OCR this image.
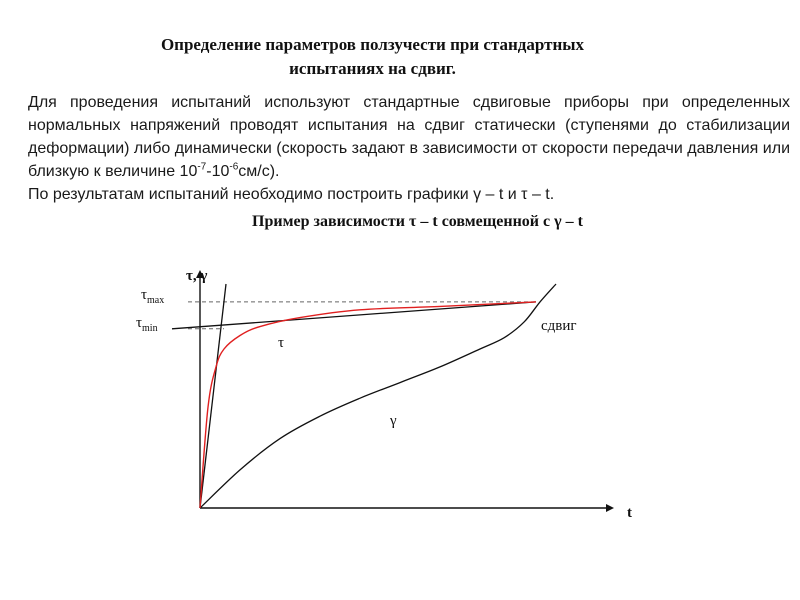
Определение параметров ползучести при стандартных
испытаниях на сдвиг.
Для проведения испытаний используют стандартные сдвиговые приборы при определенных нормальных напряжений проводят испытания на сдвиг статически (ступенями до стабилизации деформации) либо динамически (скорость задают в зависимости от скорости передачи давления или близкую к величине $10^{-7}-10^{-6}см/с$).
По результатам испытаний необходимо построить графики γ – t и τ – t.
Пример зависимости τ – t совмещенной с γ – t
τ, γ
t
$\tau_{max}$
$\tau_{min}$
τ
γ
сдвиг
